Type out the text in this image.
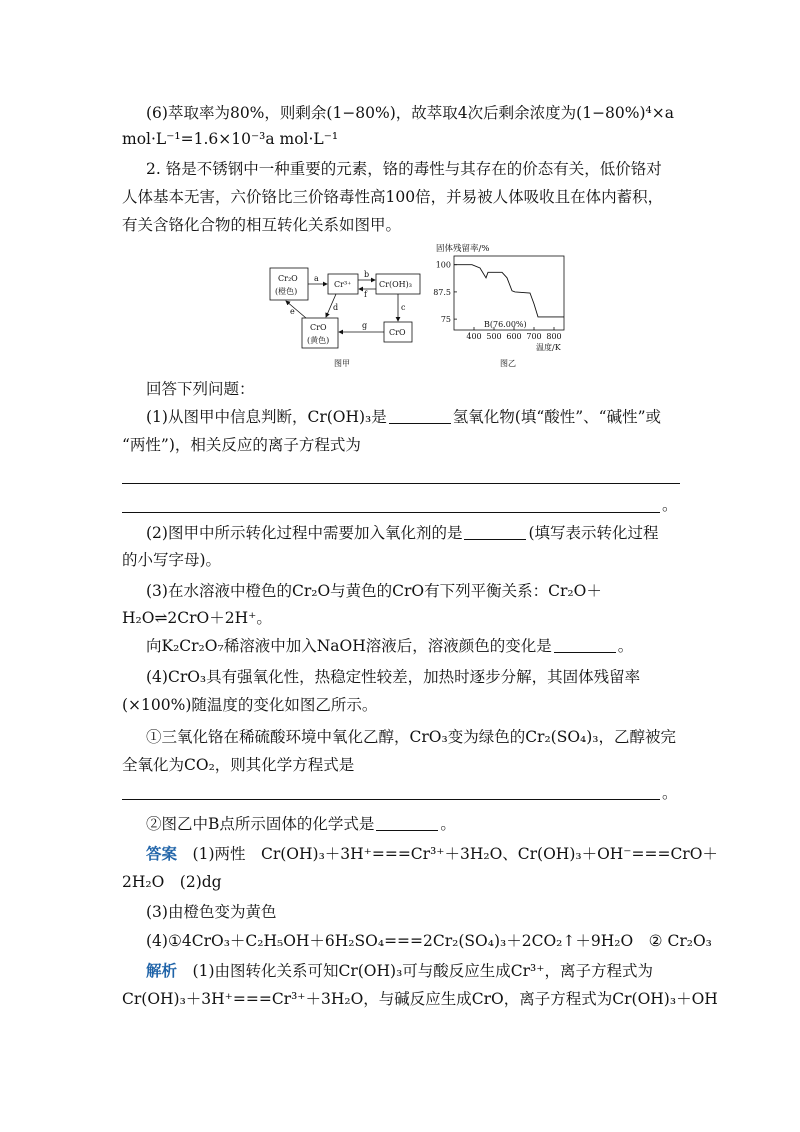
(6)萃取率为80%，则剩余(1−80%)，故萃取4次后剩余浓度为(1−80%)⁴×a
mol·L⁻¹=1.6×10⁻³a mol·L⁻¹
2. 铬是不锈钢中一种重要的元素，铬的毒性与其存在的价态有关，低价铬对
人体基本无害，六价铬比三价铬毒性高100倍，并易被人体吸收且在体内蓄积，
有关含铬化合物的相互转化关系如图甲。
Cr₂O
(橙色)
Cr³⁺	Cr(OH)₃
CrO
(黄色)
CrO
a	b
f
c
d
e
g
图甲
固体残留率/%
75
87.5
100
400 500 600 700 800
B(76.00%)
温度/K
图乙
回答下列问题：
(1)从图甲中信息判断，Cr(OH)₃是	氢氧化物(填“酸性”、“碱性”或
“两性”)，相关反应的离子方程式为
。
(2)图甲中所示转化过程中需要加入氧化剂的是	(填写表示转化过程
的小写字母)。
(3)在水溶液中橙色的Cr₂O与黄色的CrO有下列平衡关系：Cr₂O＋
H₂O⇌2CrO＋2H⁺。
向K₂Cr₂O₇稀溶液中加入NaOH溶液后，溶液颜色的变化是	。
(4)CrO₃具有强氧化性，热稳定性较差，加热时逐步分解，其固体残留率
(×100%)随温度的变化如图乙所示。
①三氧化铬在稀硫酸环境中氧化乙醇，CrO₃变为绿色的Cr₂(SO₄)₃，乙醇被完
全氧化为CO₂，则其化学方程式是
。
②图乙中B点所示固体的化学式是	。
答案　 (1)两性　Cr(OH)₃＋3H⁺===Cr³⁺＋3H₂O、Cr(OH)₃＋OH⁻===CrO＋
2H₂O　(2)dg
(3)由橙色变为黄色
(4)①4CrO₃＋C₂H₅OH＋6H₂SO₄===2Cr₂(SO₄)₃＋2CO₂↑＋9H₂O　② Cr₂O₃
解析　 (1)由图转化关系可知Cr(OH)₃可与酸反应生成Cr³⁺，离子方程式为
Cr(OH)₃＋3H⁺===Cr³⁺＋3H₂O，与碱反应生成CrO，离子方程式为Cr(OH)₃＋OH
